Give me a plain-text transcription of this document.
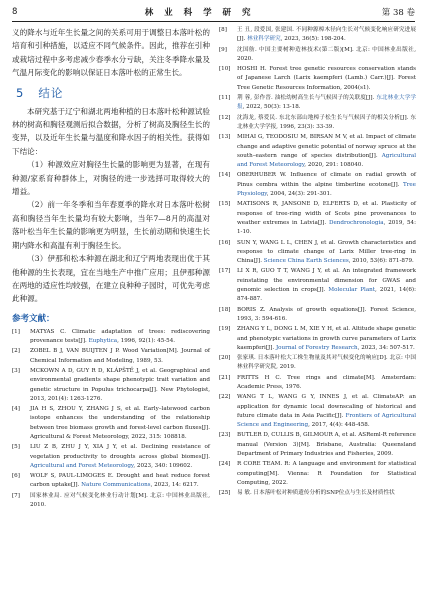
8	林 业 科 学 研 究	第 38 卷

义的降水与近年生长量之间的关系可用于调整日本落叶松的培育和引种措施，以适应不同气候条件。因此，推荐在引种或栽培过程中多考虑减少春季水分亏缺，关注冬季降水量及气温月际变化的影响以保证日本落叶松的正常生长。

5 结论

本研究基于辽宁和湖北两地种植的日本落叶松种源试验林的树高和胸径观测后拟合数据，分析了树高及胸径生长的变异，以及近年生长量与温度和降水因子的相关性。获得如下结论：

（1）种源效应对胸径生长量的影响更为显著，在现有种源/家系育种群体上，对胸径的进一步选择可取得较大的增益。

（2）前一年冬季和当年春夏季的降水对日本落叶松树高和胸径当年生长量均有较大影响，当年7—8月的高温对落叶松当年生长量的影响更为明显，生长前动期和快速生长期内降水和高温有利于胸径生长。

（3）伊那和松本种源在湖北和辽宁两地表现出优于其他种源的生长表现，宜在当地生产中推广应用；且伊那种源在两地的适应性均较强，在建立良种种子园时，可优先考虑此种源。

参考文献：
[1] MATYAS C. Climatic adaptation of trees: rediscovering provenance tests[J]. Euphytica, 1996, 92(1): 45-54.
[2] ZOBEL B J, VAN BUIJTEN J P. Wood Variation[M]. Journal of Chemical Information and Modeling, 1989, 53.
[3] MCKOWN A D, GUY R D, KLÁPŠTĚ J, et al. Geographical and environmental gradients shape phenotypic trait variation and genetic structure in Populus trichocarpa[J]. New Phytologist, 2013, 201(4): 1263-1276.
[4] JIA H S, ZHOU Y, ZHANG J S, et al. Early–latewood carbon isotope enhances the understanding of the relationship between tree biomass growth and forest-level carbon fluxes[J]. Agricultural & Forest Meteorology, 2022, 315: 108818.
[5] LIU Z B, ZHU J Y, XIA J Y, et al. Declining resistance of vegetation productivity to droughts across global biomes[J]. Agricultural and Forest Meteorology, 2023, 340: 109602.
[6] WOLF S, PAUL-LIMOGES E. Drought and heat reduce forest carbon uptake[J]. Nature Communications, 2023, 14: 6217.
[7] 国家林业局. 应对气候变化林业行动计划[M]. 北京: 中国林业出版社, 2010.
[8] 王 丑, 段爱国, 张建国. 不同种源樟木径向生长对气候变化响应研究进展[J]. 林业科学研究, 2023, 36(5): 198-204.
[9] 沈国舫. 中国主要树种造林技术(第二版)[M]. 北京: 中国林业出版社, 2020.
[10] HOSHI H. Forest tree genetic resources conservation stands of Japanese Larch (Larix kaempferi (Lamb.) Carr.)[J]. Forest Tree Genetic Resources Information, 2004(s1).
[11] 荆 蓉, 彭作晋. 油松幼树高生长与气候因子的关联度[J]. 东北林业大学学报, 2022, 50(3): 13-18.
[12] 沈海龙, 蔡爱民. 东北东部山地樟子松生长与气候因子的相关分析[J]. 东北林业大学学报, 1996, 23(3): 33-39.
[13] MIHAI G, TEODOSIU M, BIRSAN M V, et al. Impact of climate change and adaptive genetic potential of norway spruce at the south–eastern range of species distribution[J]. Agricultural and Forest Meteorology, 2020, 291: 108040.
[14] OBERHUBER W. Influence of climate on radial growth of Pinus cembra within the alpine timberline ecotone[J]. Tree Physiology, 2004, 24(3): 291-301.
[15] MATISONS R, JANSONE D, ELFERTS D, et al. Plasticity of response of tree-ring width of Scots pine provenances to weather extremes in Latvia[J]. Dendrochronologia, 2019, 54: 1-10.
[16] SUN Y, WANG L L, CHEN J, et al. Growth characteristics and response to climate change of Larix Miller tree-ring in China[J]. Science China Earth Sciences, 2010, 53(6): 871-879.
[17] LI X R, GUO T T, WANG J Y, et al. An integrated framework reinstating the environmental dimension for GWAS and genomic selection in crops[J]. Molecular Plant, 2021, 14(6): 874-887.
[18] BORIS Z. Analysis of growth equations[J]. Forest Science, 1993, 3: 594-616.
[19] ZHANG Y L, DONG L M, XIE Y H, et al. Altitude shape genetic and phenotypic variations in growth curve parameters of Larix kaempferi[J]. Journal of Forestry Research, 2023, 34: 507-517.
[20] 张家琪. 日本落叶松大工株生物量及其对气候变化的响应[D]. 北京: 中国林业科学研究院, 2019.
[21] FRITTS H C. Tree rings and climate[M]. Amsterdam: Academic Press, 1976.
[22] WANG T L, WANG G Y, INNES J, et al. ClimateAP: an application for dynamic local downscaling of historical and future climate data in Asia Pacific[J]. Frontiers of Agricultural Science and Engineering, 2017, 4(4): 448-458.
[23] BUTLER D, CULLIS B, GILMOUR A, et al. ASReml-R reference manual (Version 3)[M]. Brisbane, Australia: Queensland Department of Primary Industries and Fisheries, 2009.
[24] R CORE TEAM. R: A language and environment for statistical computing[M]. Vienna: R Foundation for Statistical Computing, 2022.
[25] 易 敏. 日本落叶松对种质遗传分析的SNP位点与生长及材质性状
